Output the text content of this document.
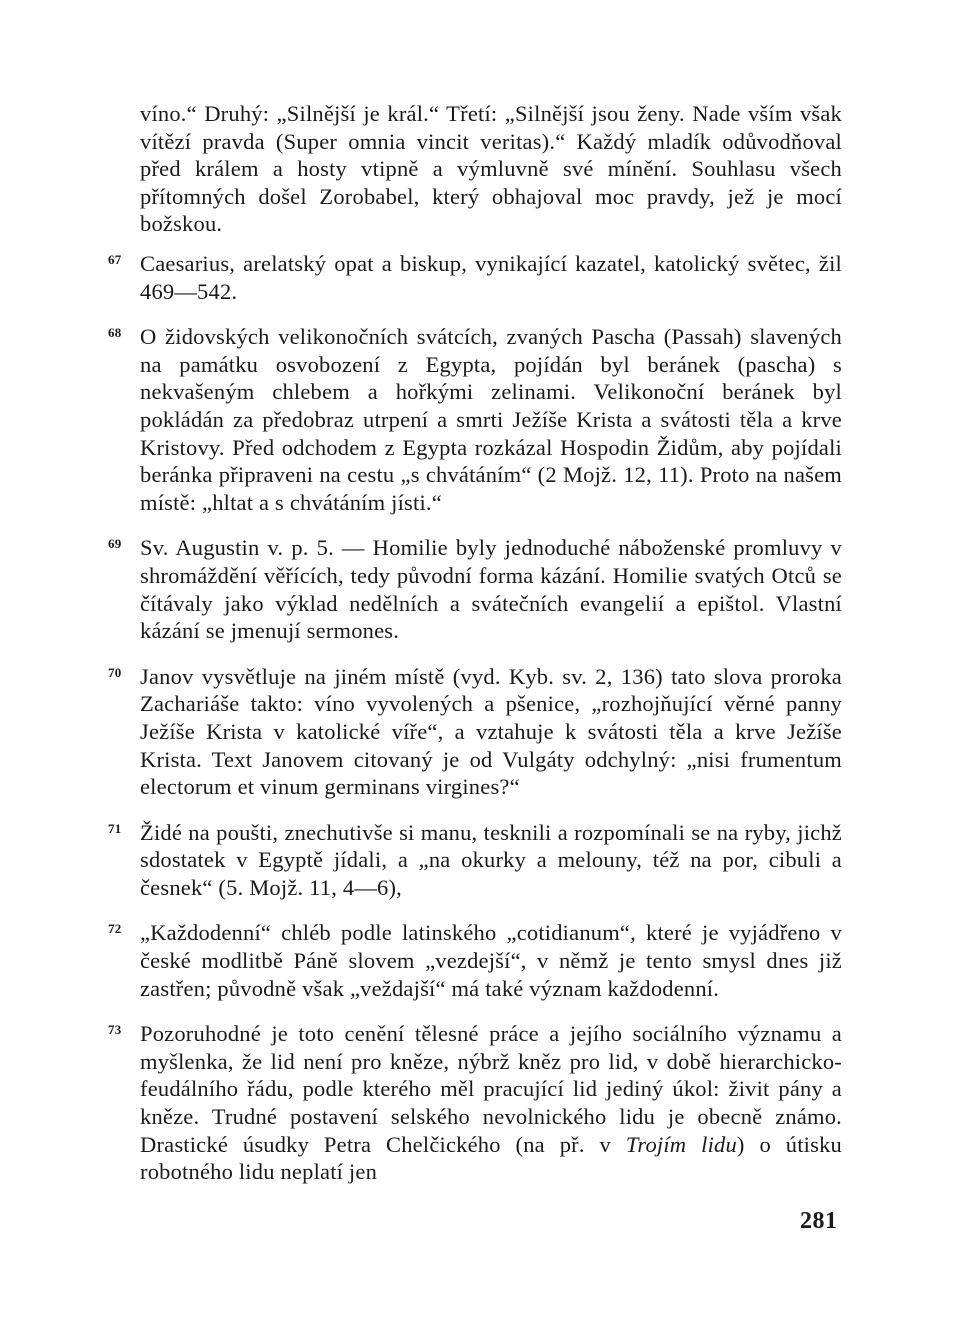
víno.“ Druhý: „Silnější je král.“ Třetí: „Silnější jsou ženy. Nade vším však vítězí pravda (Super omnia vincit veritas).“ Každý mladík odůvodňoval před králem a hosty vtipně a výmluvně své mínění. Souhlasu všech přítomných došel Zorobabel, který obhajoval moc pravdy, jež je mocí božskou.
67 Caesarius, arelatský opat a biskup, vynikající kazatel, katolický světec, žil 469—542.
68 O židovských velikonočních svátcích, zvaných Pascha (Passah) slavených na památku osvobození z Egypta, pojídán byl beránek (pascha) s nekvašeným chlebem a hořkými zelinami. Velikonoční beránek byl pokládán za předobraz utrpení a smrti Ježíše Krista a svátosti těla a krve Kristovy. Před odchodem z Egypta rozkázal Hospodin Židům, aby pojídali beránka připraveni na cestu „s chvátáním“ (2 Mojž. 12, 11). Proto na našem místě: „hltat a s chvátáním jísti.“
69 Sv. Augustin v. p. 5. — Homilie byly jednoduché náboženské promluvy v shromáždění věřících, tedy původní forma kázání. Homilie svatých Otců se čítávaly jako výklad nedělních a svátečních evangelií a epištol. Vlastní kázání se jmenují sermones.
70 Janov vysvětluje na jiném místě (vyd. Kyb. sv. 2, 136) tato slova proroka Zachariáše takto: víno vyvolených a pšenice, „rozhojňující věrné panny Ježíše Krista v katolické víře“, a vztahuje k svátosti těla a krve Ježíše Krista. Text Janovem citovaný je od Vulgáty odchylný: „nisi frumentum electorum et vinum germinans virgines?“
71 Židé na poušti, znechutivše si manu, tesknili a rozpomínali se na ryby, jichž sdostatek v Egyptě jídali, a „na okurky a melouny, též na por, cibuli a česnek“ (5. Mojž. 11, 4—6),
72 „Každodenní“ chléb podle latinského „cotidianum“, které je vyjádřeno v české modlitbě Páně slovem „vezdejší“, v němž je tento smysl dnes již zastřen; původně však „veždajší“ má také význam každodenní.
73 Pozoruhodné je toto cenění tělesné práce a jejího sociálního významu a myšlenka, že lid není pro kněze, nýbrž kněz pro lid, v době hierarchicko-feudálního řádu, podle kterého měl pracující lid jediný úkol: živit pány a kněze. Trudné postavení selského nevolnického lidu je obecně známo. Drastické úsudky Petra Chelčického (na př. v Trojím lidu) o útisku robotného lidu neplatí jen
281
